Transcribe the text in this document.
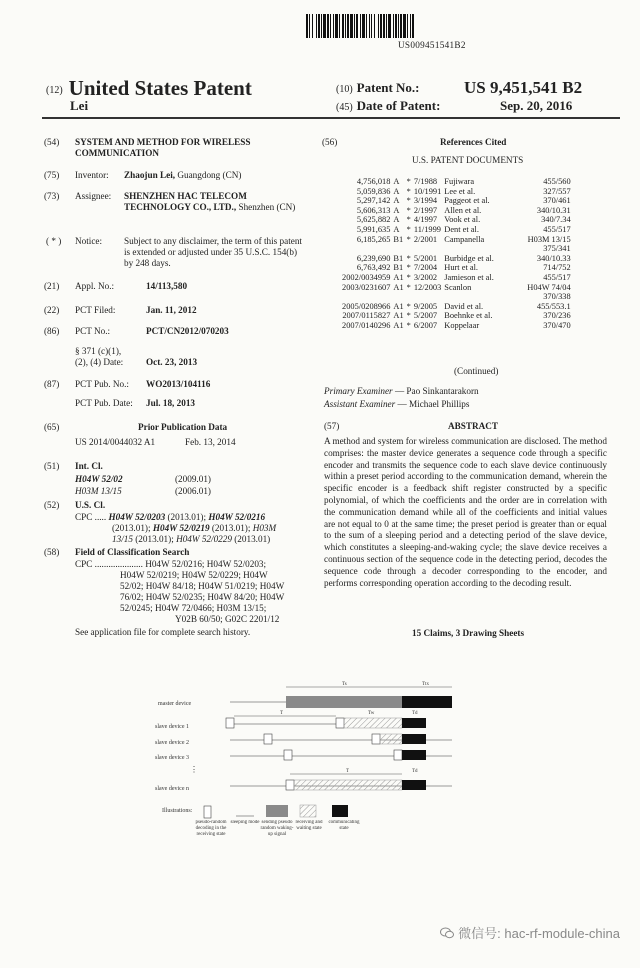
US009451541B2
(12) United States Patent
Lei
(10) Patent No.:	US 9,451,541 B2
(45) Date of Patent:	Sep. 20, 2016
(54) SYSTEM AND METHOD FOR WIRELESS COMMUNICATION
(75) Inventor: Zhaojun Lei, Guangdong (CN)
(73) Assignee: SHENZHEN HAC TELECOM TECHNOLOGY CO., LTD., Shenzhen (CN)
( * ) Notice: Subject to any disclaimer, the term of this patent is extended or adjusted under 35 U.S.C. 154(b) by 248 days.
(21) Appl. No.:	14/113,580
(22) PCT Filed:	Jan. 11, 2012
(86) PCT No.:	PCT/CN2012/070203
§ 371 (c)(1),
(2), (4) Date: Oct. 23, 2013
(87) PCT Pub. No.: WO2013/104116
PCT Pub. Date: Jul. 18, 2013
(65)	Prior Publication Data
US 2014/0044032 A1	Feb. 13, 2014
(51) Int. Cl.
H04W 52/02	(2009.01)
H03M 13/15	(2006.01)
(52) U.S. Cl.
CPC ..... H04W 52/0203 (2013.01); H04W 52/0216
(2013.01); H04W 52/0219 (2013.01); H03M
13/15 (2013.01); H04W 52/0229 (2013.01)
(58) Field of Classification Search
CPC ..................... H04W 52/0216; H04W 52/0203;
H04W 52/0219; H04W 52/0229; H04W
52/02; H04W 84/18; H04W 51/0219; H04W
76/02; H04W 52/0235; H04W 84/20; H04W
52/0245; H04W 72/0466; H03M 13/15;
Y02B 60/50; G02C 2201/12
See application file for complete search history.
(56)	References Cited
U.S. PATENT DOCUMENTS
4,756,018	A	*	7/1988	Fujiwara	455/560
5,059,836	A	*	10/1991	Lee et al.	327/557
5,297,142	A	*	3/1994	Paggeot et al.	370/461
5,606,313	A	*	2/1997	Allen et al.	340/10.31
5,625,882	A	*	4/1997	Vook et al.	340/7.34
5,991,635	A	*	11/1999	Dent et al.	455/517
6,185,265	B1	*	2/2001	Campanella	H03M 13/15
					375/341
6,239,690	B1	*	5/2001	Burbidge et al.	340/10.33
6,763,492	B1	*	7/2004	Hurt et al.	714/752
2002/0034959	A1	*	3/2002	Jamieson et al.	455/517
2003/0231607	A1	*	12/2003	Scanlon	H04W 74/04
					370/338
2005/0208966	A1	*	9/2005	David et al.	455/553.1
2007/0115827	A1	*	5/2007	Boehnke et al.	370/236
2007/0140296	A1	*	6/2007	Koppelaar	370/470
(Continued)
Primary Examiner — Pao Sinkantarakorn
Assistant Examiner — Michael Phillips
(57)	ABSTRACT
A method and system for wireless communication are disclosed. The method comprises: the master device generates a sequence code through a specific encoder and transmits the sequence code to each slave device continuously within a preset period according to the communication demand, wherein the specific encoder is a feedback shift register constructed by a specific polynomial, of which the coefficients and the order are in correlation with the communication demand while all of the coefficients and initial values are not equal to 0 at the same time; the preset period is greater than or equal to the sum of a sleeping period and a detecting period of the slave device, which constitutes a sleeping-and-waking cycle; the slave device receives a continuous section of the sequence code in the detecting period, decodes the sequence code through a decoder corresponding to the encoder, and performs corresponding operation according to the decoding result.
15 Claims, 3 Drawing Sheets
master device
slave device 1
slave device 2
slave device 3
⋮
slave device n
Ts	Ttx
T	Tw	Td
T	Td
Illustrations:
pseudo-random decoding in the receiving state
sleeping mode sending pseudo random waking-up signal
receiving and waiting state
communicating state
微信号: hac-rf-module-china
